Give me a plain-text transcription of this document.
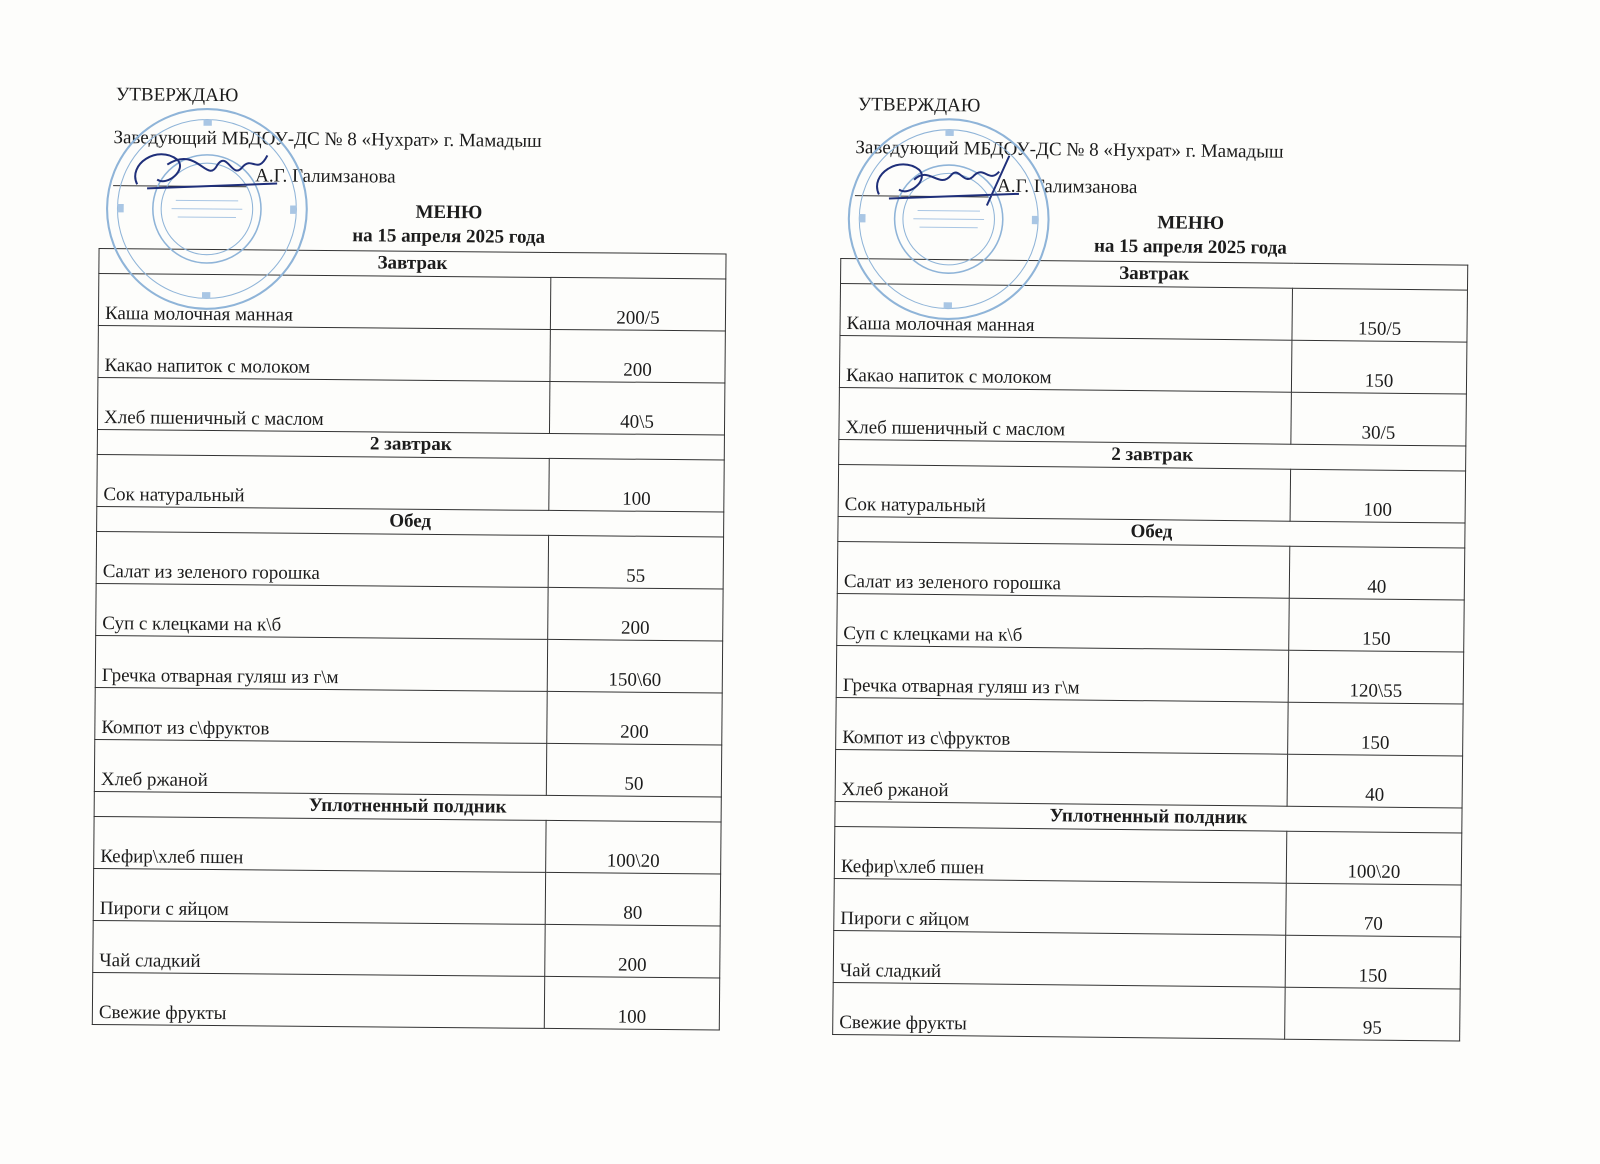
УТВЕРЖДАЮ
Заведующий МБДОУ-ДС № 8 «Нухрат» г. Мамадыш
А.Г. Галимзанова
МЕНЮ
на 15 апреля 2025 года
Завтрак	
Каша молочная манная	200/5
Какао напиток с молоком	200
Хлеб пшеничный с маслом	40\5
2 завтрак	
Сок натуральный	100
Обед	
Салат из зеленого горошка	55
Суп с клецками на к\б	200
Гречка отварная гуляш из г\м	150\60
Компот из с\фруктов	200
Хлеб ржаной	50
Уплотненный полдник	
Кефир\хлеб пшен	100\20
Пироги с яйцом	80
Чай сладкий	200
Свежие фрукты	100
УТВЕРЖДАЮ
Заведующий МБДОУ-ДС № 8 «Нухрат» г. Мамадыш
А.Г. Галимзанова
МЕНЮ
на 15 апреля 2025 года
Завтрак	
Каша молочная манная	150/5
Какао напиток с молоком	150
Хлеб пшеничный с маслом	30/5
2 завтрак	
Сок натуральный	100
Обед	
Салат из зеленого горошка	40
Суп с клецками на к\б	150
Гречка отварная гуляш из г\м	120\55
Компот из с\фруктов	150
Хлеб ржаной	40
Уплотненный полдник	
Кефир\хлеб пшен	100\20
Пироги с яйцом	70
Чай сладкий	150
Свежие фрукты	95
